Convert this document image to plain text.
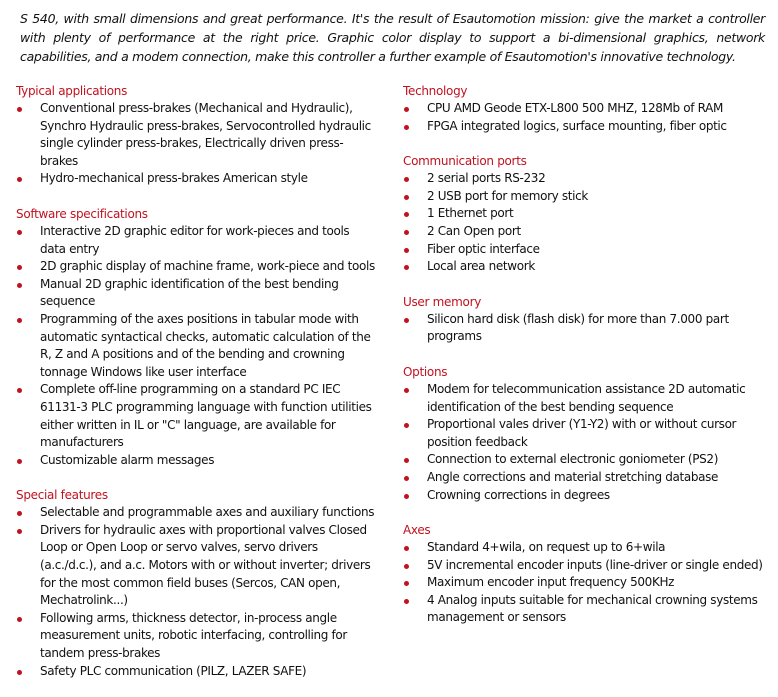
S 540, with small dimensions and great performance. It's the result of Esautomotion mission: give the market a controller with plenty of performance at the right price. Graphic color display to support a bi-dimensional graphics, network capabilities, and a modem connection, make this controller a further example of Esautomotion's innovative technology.
Typical applications
Conventional press-brakes (Mechanical and Hydraulic), Synchro Hydraulic press-brakes, Servocontrolled hydraulic single cylinder press-brakes, Electrically driven press-brakes
Hydro-mechanical press-brakes American style
Software specifications
Interactive 2D graphic editor for work-pieces and tools data entry
2D graphic display of machine frame, work-piece and tools
Manual 2D graphic identification of the best bending sequence
Programming of the axes positions in tabular mode with automatic syntactical checks, automatic calculation of the R, Z and A positions and of the bending and crowning tonnage Windows like user interface
Complete off-line programming on a standard PC IEC 61131-3 PLC programming language with function utilities either written in IL or "C" language, are available for manufacturers
Customizable alarm messages
Special features
Selectable and programmable axes and auxiliary functions
Drivers for hydraulic axes with proportional valves Closed Loop or Open Loop or servo valves, servo drivers (a.c./d.c.), and a.c. Motors with or without inverter; drivers for the most common field buses (Sercos, CAN open, Mechatrolink...)
Following arms, thickness detector, in-process angle measurement units, robotic interfacing, controlling for tandem press-brakes
Safety PLC communication (PILZ, LAZER SAFE)
Technology
CPU AMD Geode ETX-L800 500 MHZ, 128Mb of RAM
FPGA integrated logics, surface mounting, fiber optic
Communication ports
2 serial ports RS-232
2 USB port for memory stick
1 Ethernet port
2 Can Open port
Fiber optic interface
Local area network
User memory
Silicon hard disk (flash disk) for more than 7.000 part programs
Options
Modem for telecommunication assistance 2D automatic identification of the best bending sequence
Proportional vales driver (Y1-Y2) with or without cursor position feedback
Connection to external electronic goniometer (PS2)
Angle corrections and material stretching database
Crowning corrections in degrees
Axes
Standard 4+wila, on request up to 6+wila
5V incremental encoder inputs (line-driver or single ended)
Maximum encoder input frequency 500KHz
4 Analog inputs suitable for mechanical crowning systems management or sensors
